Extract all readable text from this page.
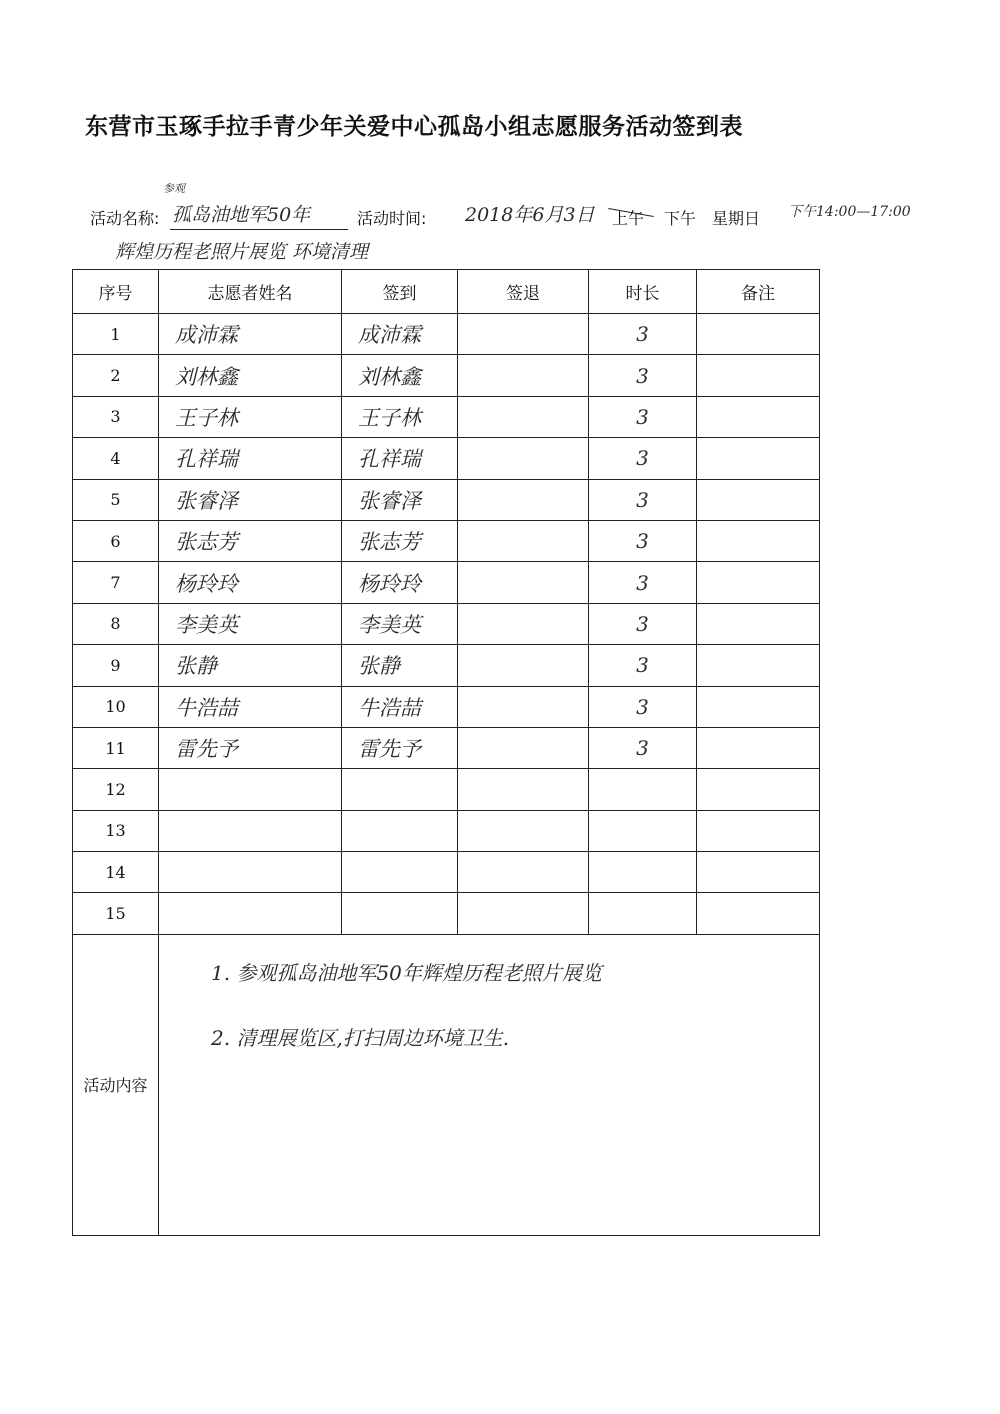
东营市玉琢手拉手青少年关爱中心孤岛小组志愿服务活动签到表
活动名称:
参观
孤岛油地军50年
辉煌历程老照片展览 环境清理
活动时间: 2018年6月3日 上午 下午 星期日 下午14:00—17:00
序号	志愿者姓名	签到	签退	时长	备注
1	成沛霖	成沛霖		3	
2	刘林鑫	刘林鑫		3	
3	王子林	王子林		3	
4	孔祥瑞	孔祥瑞		3	
5	张睿泽	张睿泽		3	
6	张志芳	张志芳		3	
7	杨玲玲	杨玲玲		3	
8	李美英	李美英		3	
9	张静	张静		3	
10	牛浩喆	牛浩喆		3	
11	雷先予	雷先予		3	
12					
13					
14					
15					
活动内容	1. 参观孤岛油地军50年辉煌历程老照片展览
2. 清理展览区,打扫周边环境卫生.				
